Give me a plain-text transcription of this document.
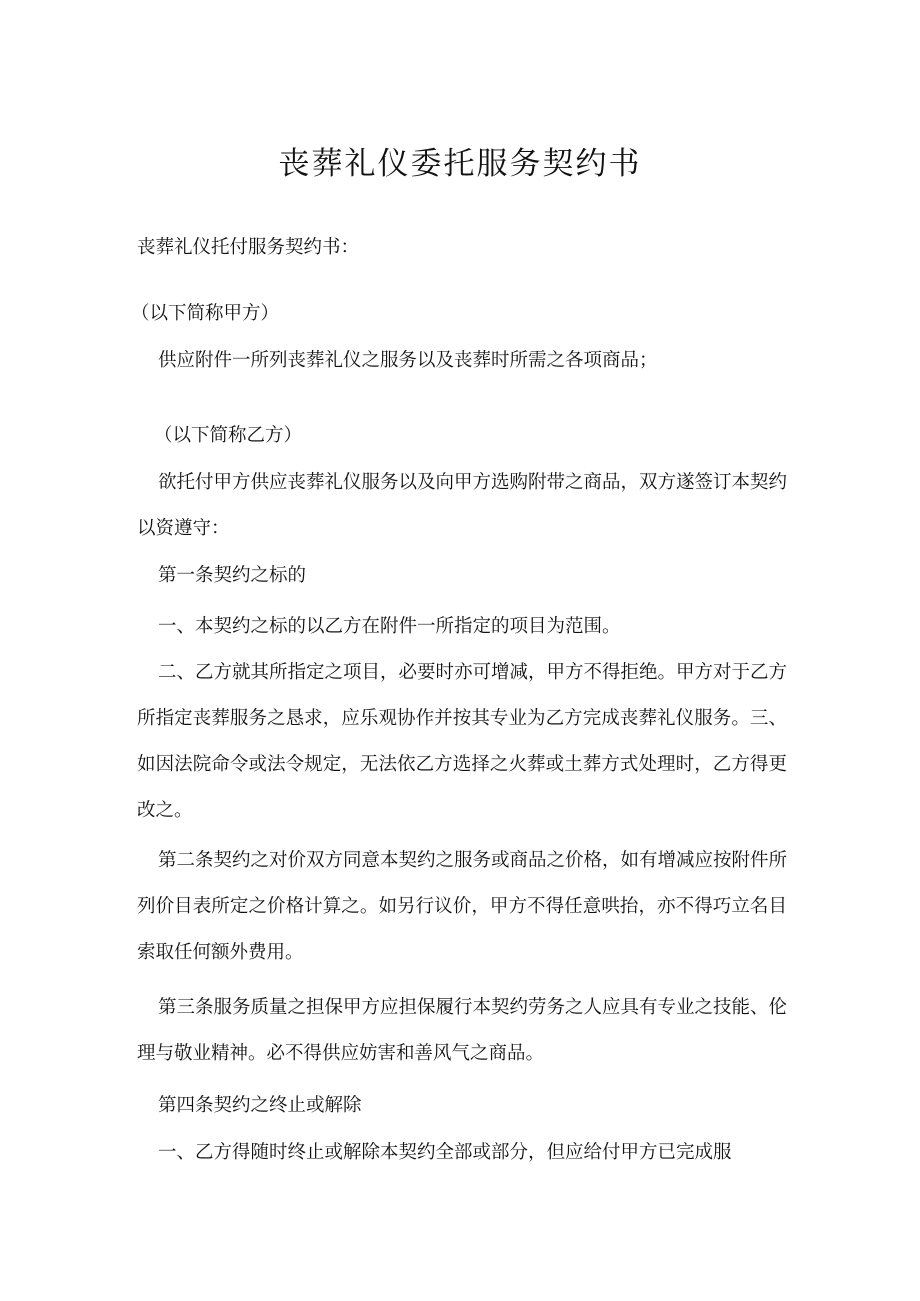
丧葬礼仪委托服务契约书

丧葬礼仪托付服务契约书：

（以下简称甲方）

供应附件一所列丧葬礼仪之服务以及丧葬时所需之各项商品；

（以下简称乙方）

欲托付甲方供应丧葬礼仪服务以及向甲方选购附带之商品，双方遂签订本契约以资遵守：

第一条契约之标的

一、本契约之标的以乙方在附件一所指定的项目为范围。

二、乙方就其所指定之项目，必要时亦可增减，甲方不得拒绝。甲方对于乙方所指定丧葬服务之恳求，应乐观协作并按其专业为乙方完成丧葬礼仪服务。三、如因法院命令或法令规定，无法依乙方选择之火葬或土葬方式处理时，乙方得更改之。

第二条契约之对价双方同意本契约之服务或商品之价格，如有增减应按附件所列价目表所定之价格计算之。如另行议价，甲方不得任意哄抬，亦不得巧立名目索取任何额外费用。

第三条服务质量之担保甲方应担保履行本契约劳务之人应具有专业之技能、伦理与敬业精神。必不得供应妨害和善风气之商品。

第四条契约之终止或解除

一、乙方得随时终止或解除本契约全部或部分，但应给付甲方已完成服
